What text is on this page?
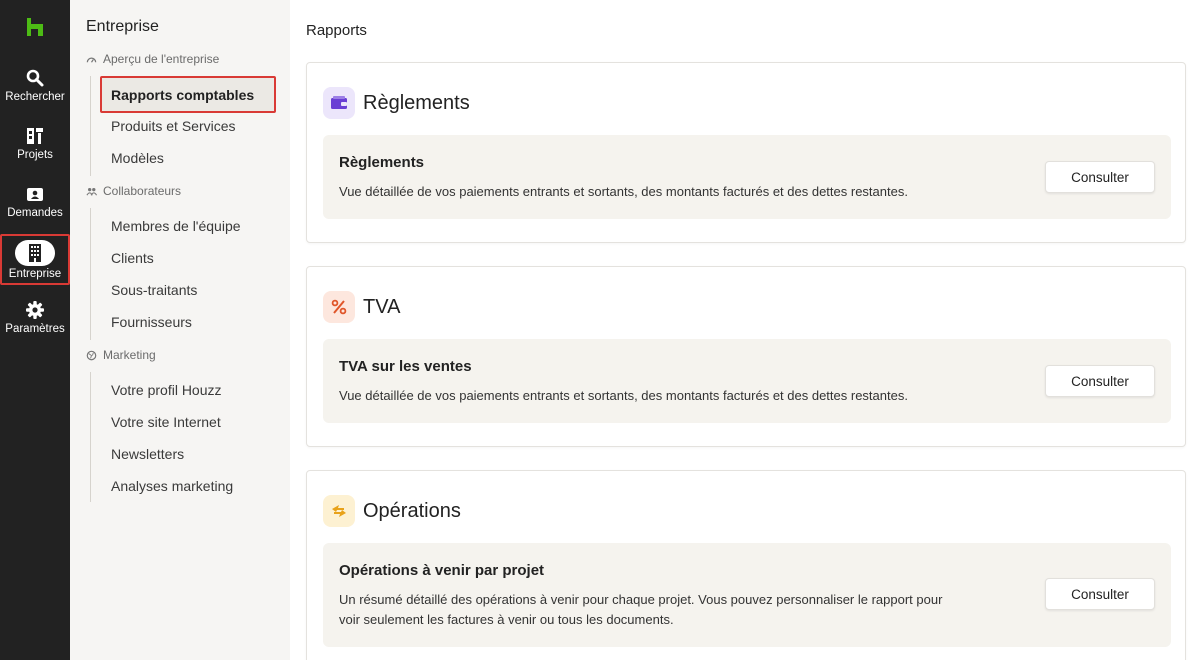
Rechercher
Projets
Demandes
Entreprise
Paramètres
Entreprise
Aperçu de l'entreprise
Rapports comptables
Produits et Services
Modèles
Collaborateurs
Membres de l'équipe
Clients
Sous-traitants
Fournisseurs
Marketing
Votre profil Houzz
Votre site Internet
Newsletters
Analyses marketing
Rapports
Règlements
Règlements
Vue détaillée de vos paiements entrants et sortants, des montants facturés et des dettes restantes.
Consulter
TVA
TVA sur les ventes
Vue détaillée de vos paiements entrants et sortants, des montants facturés et des dettes restantes.
Consulter
Opérations
Opérations à venir par projet
Un résumé détaillé des opérations à venir pour chaque projet. Vous pouvez personnaliser le rapport pour
voir seulement les factures à venir ou tous les documents.
Consulter
